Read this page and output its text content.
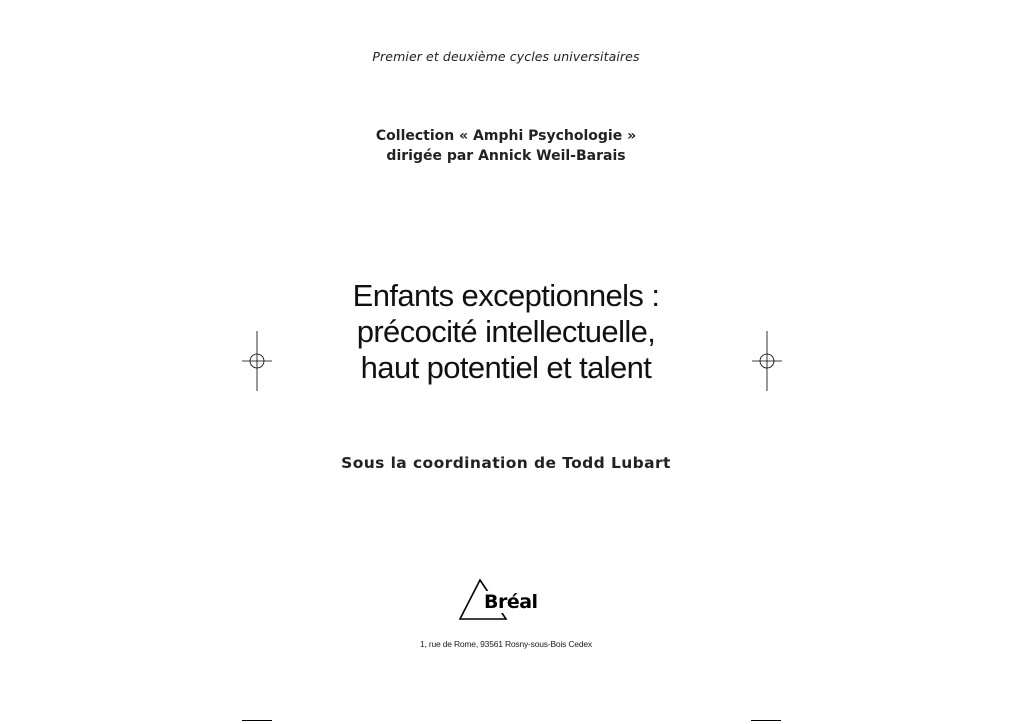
Premier et deuxième cycles universitaires
Collection « Amphi Psychologie »
dirigée par Annick Weil-Barais
Enfants exceptionnels :
précocité intellectuelle,
haut potentiel et talent
Sous la coordination de Todd Lubart
Bréal
1, rue de Rome, 93561 Rosny-sous-Bois Cedex
